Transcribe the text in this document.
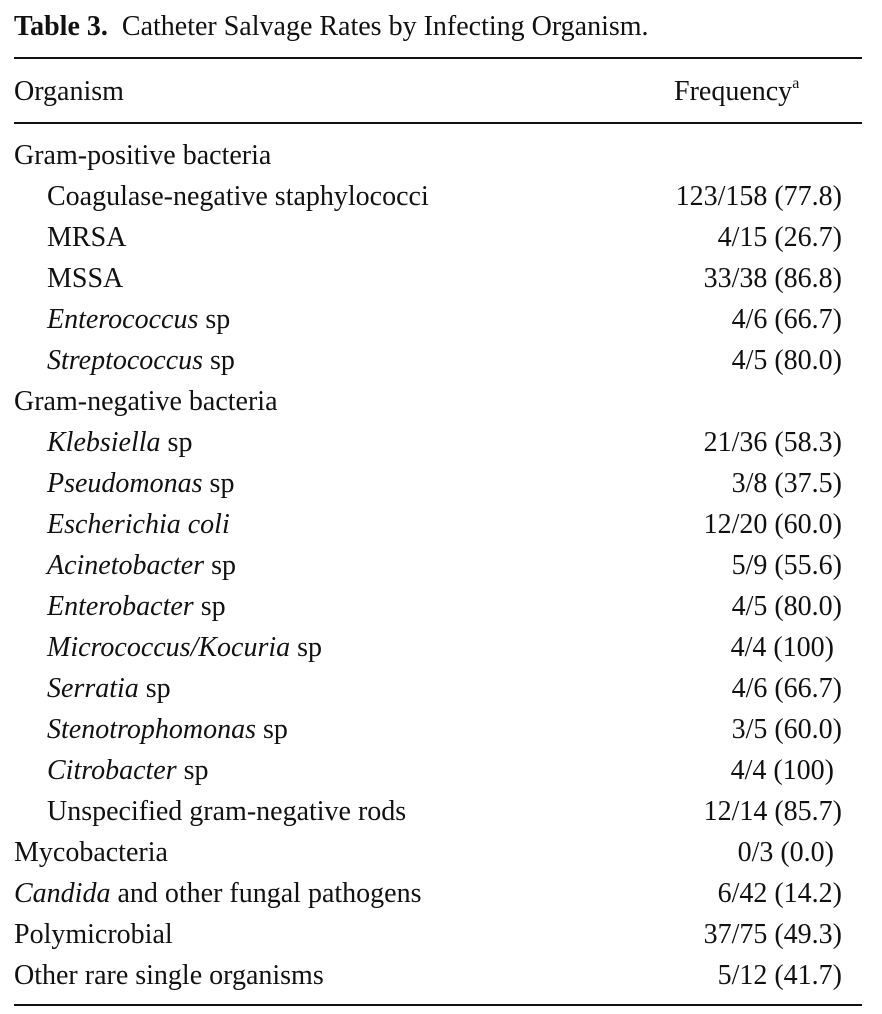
Table 3. Catheter Salvage Rates by Infecting Organism.
Organism	Frequency$^a$
Gram-positive bacteria
Coagulase-negative staphylococci	123/158 (77.8)
MRSA	4/15 (26.7)
MSSA	33/38 (86.8)
Enterococcus sp	4/6 (66.7)
Streptococcus sp	4/5 (80.0)
Gram-negative bacteria
Klebsiella sp	21/36 (58.3)
Pseudomonas sp	3/8 (37.5)
Escherichia coli	12/20 (60.0)
Acinetobacter sp	5/9 (55.6)
Enterobacter sp	4/5 (80.0)
Micrococcus/Kocuria sp	4/4 (100)
Serratia sp	4/6 (66.7)
Stenotrophomonas sp	3/5 (60.0)
Citrobacter sp	4/4 (100)
Unspecified gram-negative rods	12/14 (85.7)
Mycobacteria	0/3 (0.0)
Candida and other fungal pathogens	6/42 (14.2)
Polymicrobial	37/75 (49.3)
Other rare single organisms	5/12 (41.7)
